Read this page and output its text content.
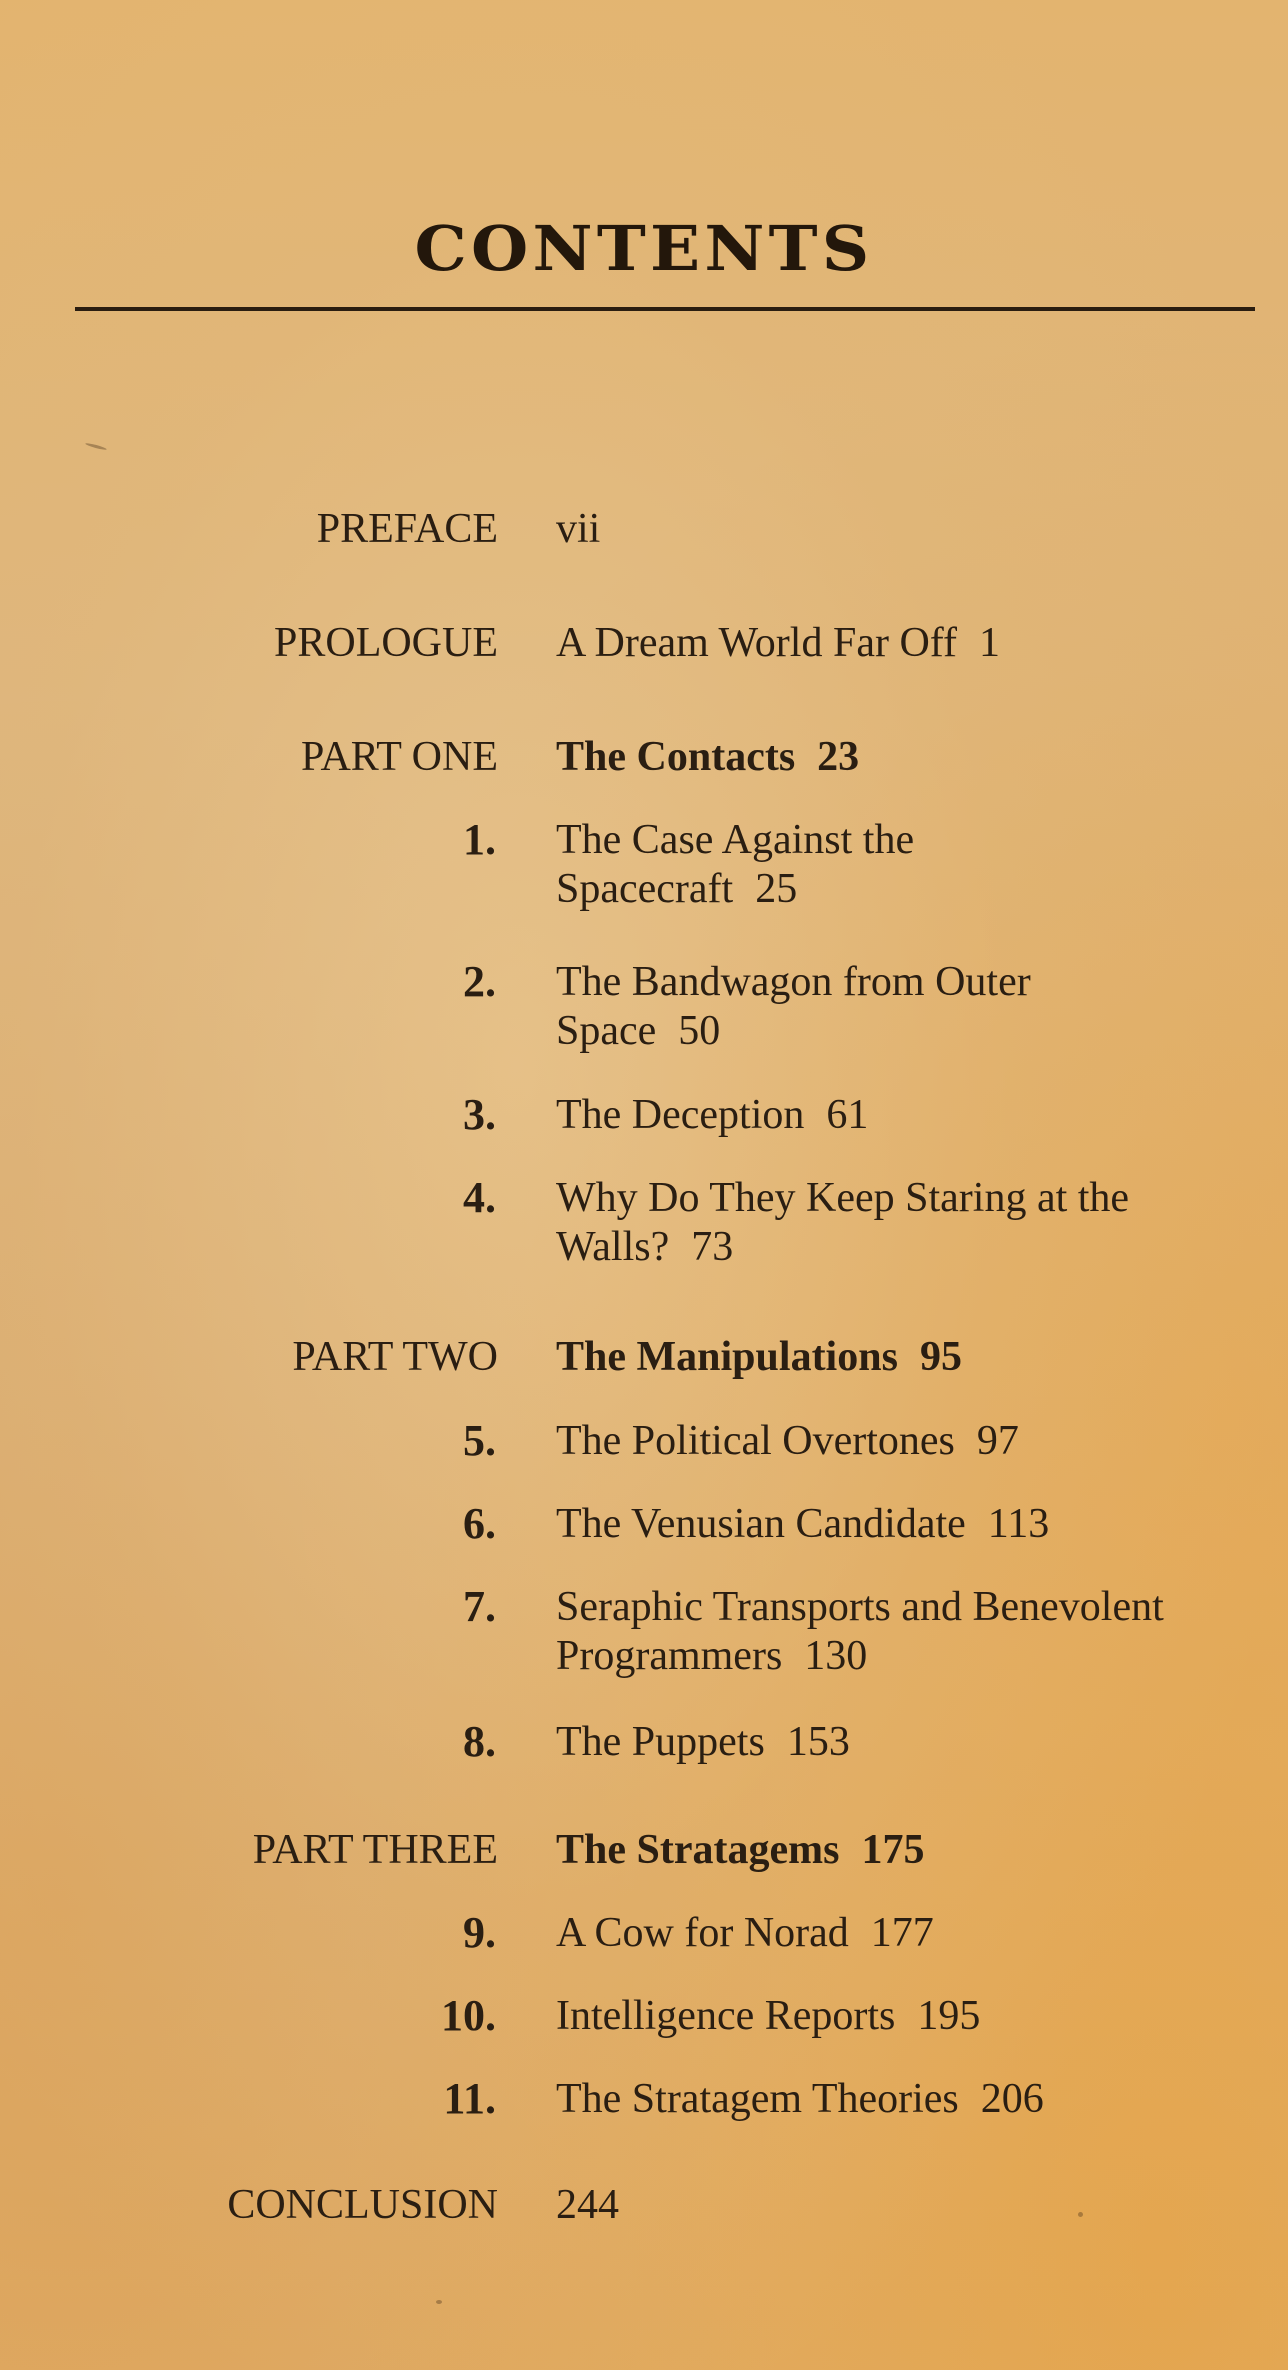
CONTENTS
PREFACE vii
PROLOGUE A Dream World Far Off 1
PART ONE The Contacts 23
1. The Case Against the Spacecraft 25
2. The Bandwagon from Outer Space 50
3. The Deception 61
4. Why Do They Keep Staring at the Walls? 73
PART TWO The Manipulations 95
5. The Political Overtones 97
6. The Venusian Candidate 113
7. Seraphic Transports and Benevolent Programmers 130
8. The Puppets 153
PART THREE The Stratagems 175
9. A Cow for Norad 177
10. Intelligence Reports 195
11. The Stratagem Theories 206
CONCLUSION 244
